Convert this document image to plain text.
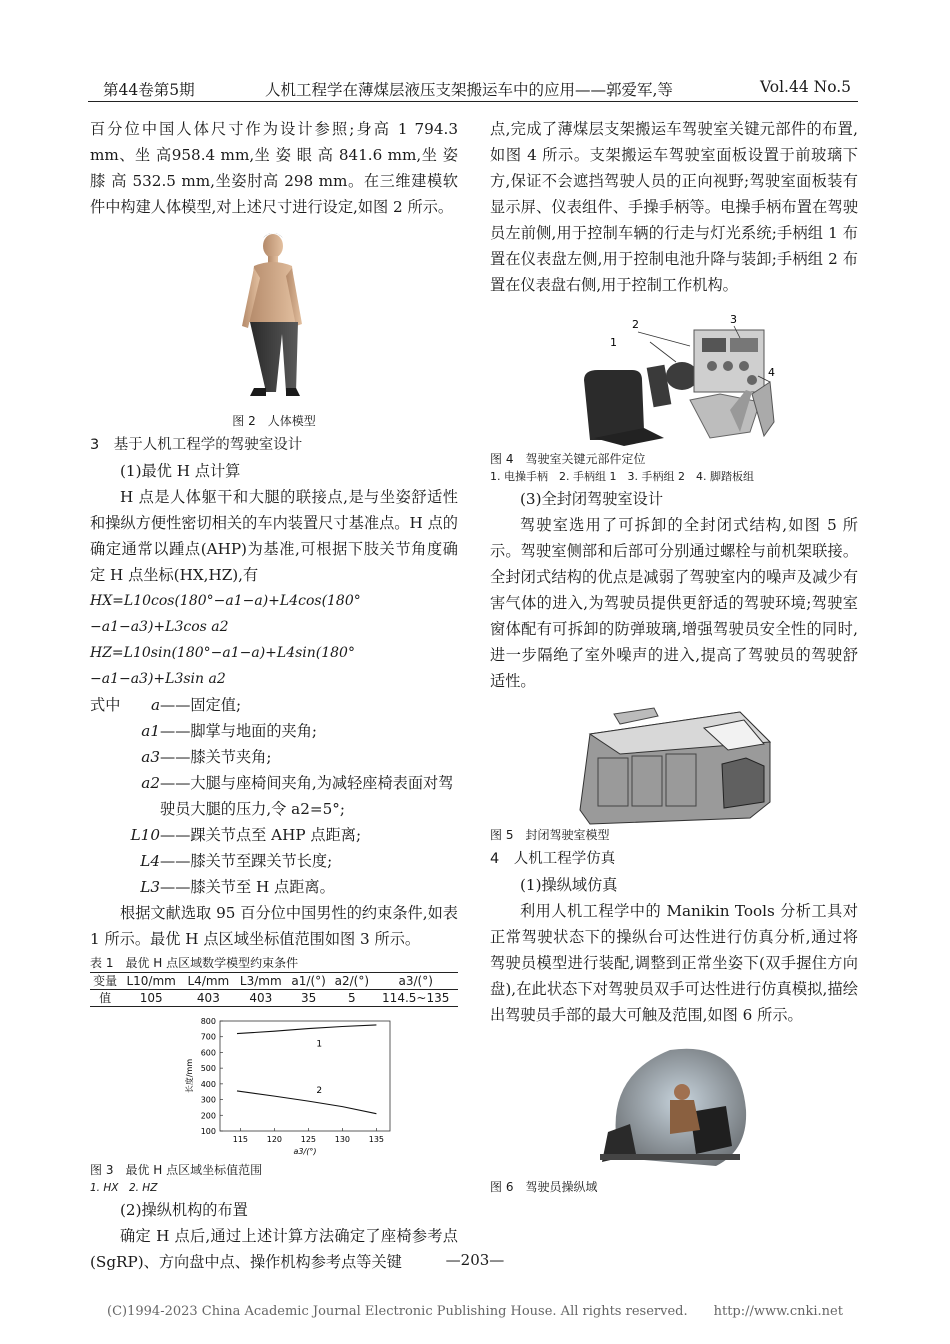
第44卷第5期	人机工程学在薄煤层液压支架搬运车中的应用——郭爱军,等	Vol.44 No.5

百分位中国人体尺寸作为设计参照;身高 1 794.3 mm、坐 高958.4 mm,坐 姿 眼 高 841.6 mm,坐 姿 膝 高 532.5 mm,坐姿肘高 298 mm。在三维建模软件中构建人体模型,对上述尺寸进行设定,如图 2 所示。

图 2　人体模型

3　基于人机工程学的驾驶室设计

(1)最优 H 点计算

H 点是人体躯干和大腿的联接点,是与坐姿舒适性和操纵方便性密切相关的车内装置尺寸基准点。H 点的确定通常以踵点(AHP)为基准,可根据下肢关节角度确定 H 点坐标(HX,HZ),有

HX=L10cos(180°−a1−a)+L4cos(180°−a1−a3)+L3cos a2

HZ=L10sin(180°−a1−a)+L4sin(180°−a1−a3)+L3sin a2

式中	a ——固定值;
a1 ——脚掌与地面的夹角;
a3 ——膝关节夹角;
a2 ——大腿与座椅间夹角,为减轻座椅表面对驾驶员大腿的压力,令 a2=5°;
L10 ——踝关节点至 AHP 点距离;
L4 ——膝关节至踝关节长度;
L3 ——膝关节至 H 点距离。

根据文献选取 95 百分位中国男性的约束条件,如表 1 所示。最优 H 点区域坐标值范围如图 3 所示。

表 1　最优 H 点区域数学模型约束条件

变量	L10/mm	L4/mm	L3/mm	a1/(°)	a2/(°)	a3/(°)
值	105	403	403	35	5	114.5~135
100
200
300
400
500
600
700
800
115 120 125 130 135
a3/(°)
长度/mm
1
2

图 3　最优 H 点区域坐标值范围

1. HX　2. HZ

(2)操纵机构的布置

确定 H 点后,通过上述计算方法确定了座椅参考点(SgRP)、方向盘中点、操作机构参考点等关键

点,完成了薄煤层支架搬运车驾驶室关键元部件的布置,如图 4 所示。支架搬运车驾驶室面板设置于前玻璃下方,保证不会遮挡驾驶人员的正向视野;驾驶室面板装有显示屏、仪表组件、手操手柄等。电操手柄布置在驾驶员左前侧,用于控制车辆的行走与灯光系统;手柄组 1 布置在仪表盘左侧,用于控制电池升降与装卸;手柄组 2 布置在仪表盘右侧,用于控制工作机构。

1
2	3
4

图 4　驾驶室关键元部件定位

1. 电操手柄　2. 手柄组 1　3. 手柄组 2　4. 脚踏板组

(3)全封闭驾驶室设计

驾驶室选用了可拆卸的全封闭式结构,如图 5 所示。驾驶室侧部和后部可分别通过螺栓与前机架联接。全封闭式结构的优点是减弱了驾驶室内的噪声及减少有害气体的进入,为驾驶员提供更舒适的驾驶环境;驾驶室窗体配有可拆卸的防弹玻璃,增强驾驶员安全性的同时,进一步隔绝了室外噪声的进入,提高了驾驶员的驾驶舒适性。

图 5　封闭驾驶室模型

4　人机工程学仿真

(1)操纵域仿真

利用人机工程学中的 Manikin Tools 分析工具对正常驾驶状态下的操纵台可达性进行仿真分析,通过将驾驶员模型进行装配,调整到正常坐姿下(双手握住方向盘),在此状态下对驾驶员双手可达性进行仿真模拟,描绘出驾驶员手部的最大可触及范围,如图 6 所示。

图 6　驾驶员操纵域

—203—
(C)1994-2023 China Academic Journal Electronic Publishing House. All rights reserved.　　http://www.cnki.net
